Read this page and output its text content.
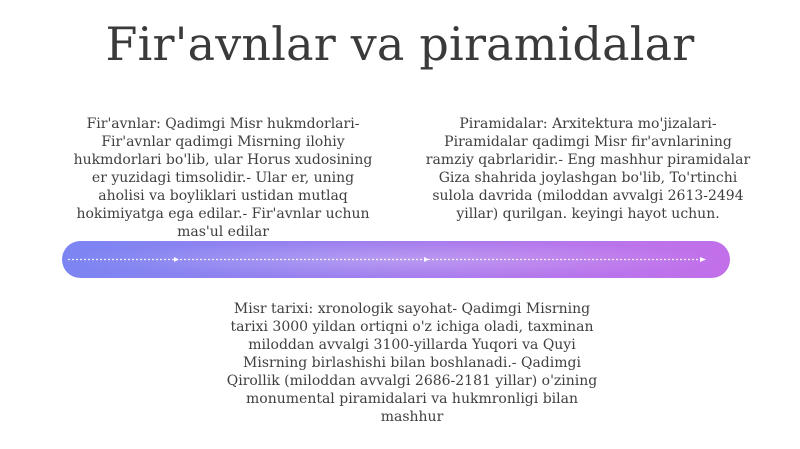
Fir'avnlar va piramidalar
Fir'avnlar: Qadimgi Misr hukmdorlari- Fir'avnlar qadimgi Misrning ilohiy hukmdorlari bo'lib, ular Horus xudosining er yuzidagi timsolidir.- Ular er, uning aholisi va boyliklari ustidan mutlaq hokimiyatga ega edilar.- Fir'avnlar uchun mas'ul edilar
Piramidalar: Arxitektura mo'jizalari- Piramidalar qadimgi Misr fir'avnlarining ramziy qabrlaridir.- Eng mashhur piramidalar Giza shahrida joylashgan bo'lib, To'rtinchi sulola davrida (miloddan avvalgi 2613-2494 yillar) qurilgan. keyingi hayot uchun.
Misr tarixi: xronologik sayohat- Qadimgi Misrning tarixi 3000 yildan ortiqni o'z ichiga oladi, taxminan miloddan avvalgi 3100-yillarda Yuqori va Quyi Misrning birlashishi bilan boshlanadi.- Qadimgi Qirollik (miloddan avvalgi 2686-2181 yillar) o'zining monumental piramidalari va hukmronligi bilan mashhur
